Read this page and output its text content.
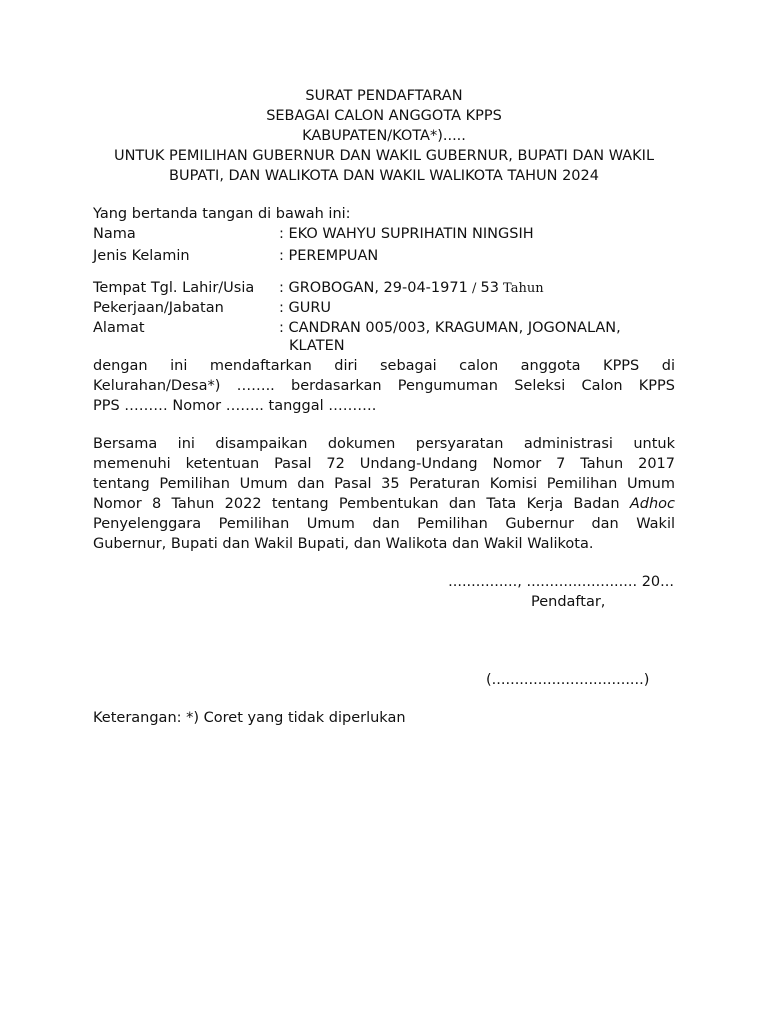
SURAT PENDAFTARAN
SEBAGAI CALON ANGGOTA KPPS
KABUPATEN/KOTA*).....
UNTUK PEMILIHAN GUBERNUR DAN WAKIL GUBERNUR, BUPATI DAN WAKIL
BUPATI, DAN WALIKOTA DAN WAKIL WALIKOTA TAHUN 2024
Yang bertanda tangan di bawah ini:
Nama	: EKO WAHYU SUPRIHATIN NINGSIH
Jenis Kelamin	: PEREMPUAN
Tempat Tgl. Lahir/Usia : GROBOGAN, 29-04-1971 / 53 Tahun
Pekerjaan/Jabatan	: GURU
Alamat	: CANDRAN 005/003, KRAGUMAN, JOGONALAN,
KLATEN
dengan ini mendaftarkan diri sebagai calon anggota KPPS di
Kelurahan/Desa*) …….. berdasarkan Pengumuman Seleksi Calon KPPS
PPS ……… Nomor …….. tanggal ……….
Bersama ini disampaikan dokumen persyaratan administrasi untuk
memenuhi ketentuan Pasal 72 Undang-Undang Nomor 7 Tahun 2017
tentang Pemilihan Umum dan Pasal 35 Peraturan Komisi Pemilihan Umum
Nomor 8 Tahun 2022 tentang Pembentukan dan Tata Kerja Badan Adhoc
Penyelenggara Pemilihan Umum dan Pemilihan Gubernur dan Wakil
Gubernur, Bupati dan Wakil Bupati, dan Walikota dan Wakil Walikota.
..............., ........................ 20...
Pendaftar,
(.................................)
Keterangan: *) Coret yang tidak diperlukan
